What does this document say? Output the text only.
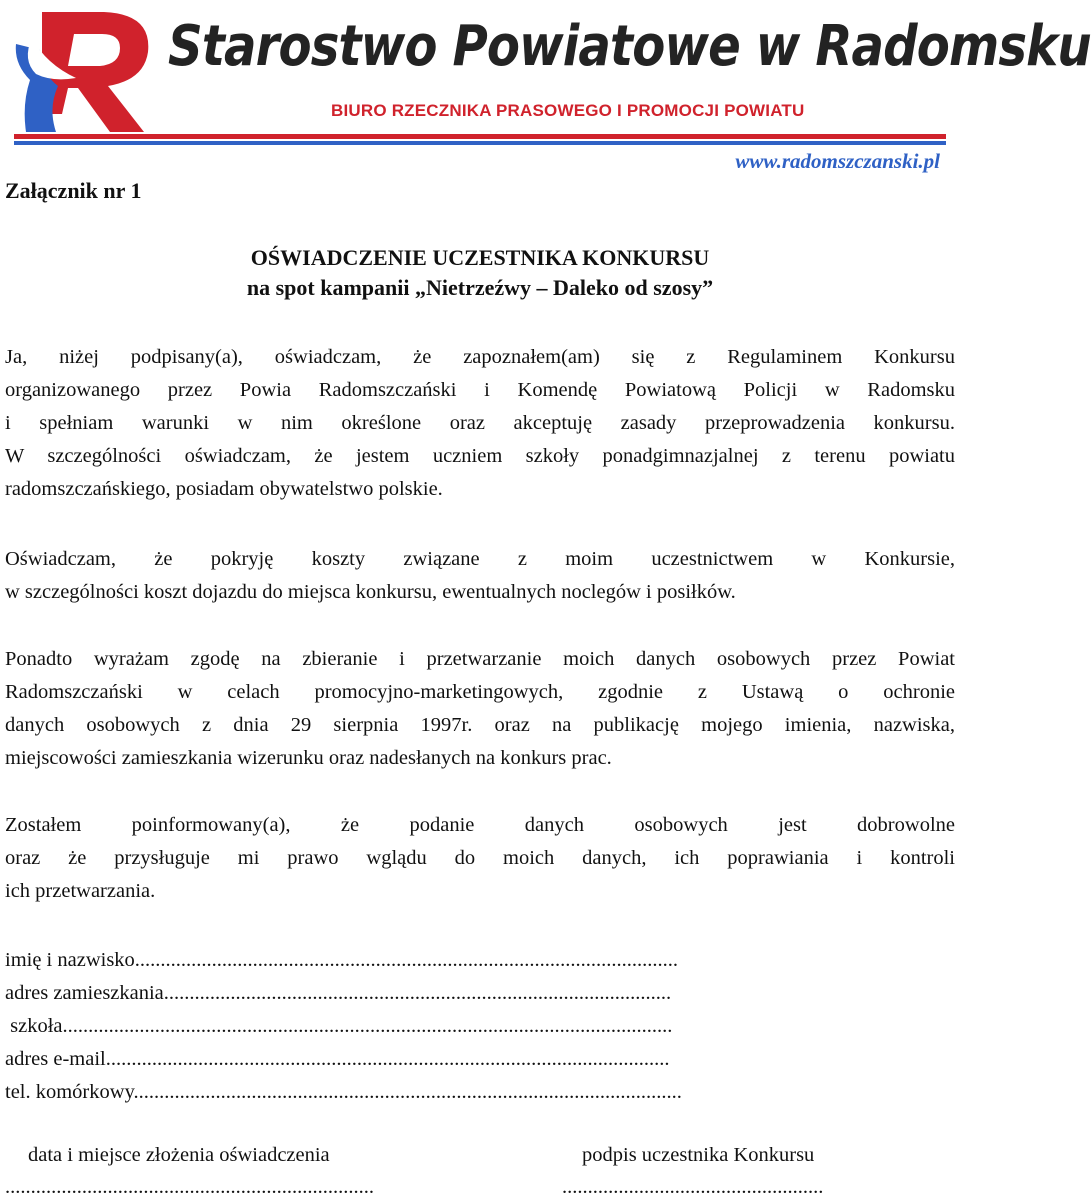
Starostwo Powiatowe w Radomsku
BIURO RZECZNIKA PRASOWEGO I PROMOCJI POWIATU
www.radomszczanski.pl
Załącznik nr 1
OŚWIADCZENIE UCZESTNIKA KONKURSU
na spot kampanii „Nietrzeźwy – Daleko od szosy”
Ja, niżej podpisany(a), oświadczam, że zapoznałem(am) się z Regulaminem Konkursu
organizowanego przez Powia Radomszczański i Komendę Powiatową Policji w Radomsku
i spełniam warunki w nim określone oraz akceptuję zasady przeprowadzenia konkursu.
W szczególności oświadczam, że jestem uczniem szkoły ponadgimnazjalnej z terenu powiatu
radomszczańskiego, posiadam obywatelstwo polskie.
Oświadczam, że pokryję koszty związane z moim uczestnictwem w Konkursie,
w szczególności koszt dojazdu do miejsca konkursu, ewentualnych noclegów i posiłków.
Ponadto wyrażam zgodę na zbieranie i przetwarzanie moich danych osobowych przez Powiat
Radomszczański w celach promocyjno-marketingowych, zgodnie z Ustawą o ochronie
danych osobowych z dnia 29 sierpnia 1997r. oraz na publikację mojego imienia, nazwiska,
miejscowości zamieszkania wizerunku oraz nadesłanych na konkurs prac.
Zostałem poinformowany(a), że podanie danych osobowych jest dobrowolne
oraz że przysługuje mi prawo wglądu do moich danych, ich poprawiania i kontroli
ich przetwarzania.
imię i nazwisko..........................................................................................................
adres zamieszkania...................................................................................................
szkoła.......................................................................................................................
adres e-mail..............................................................................................................
tel. komórkowy...........................................................................................................
data i miejsce złożenia oświadczenia	podpis uczestnika Konkursu
........................................................................	...................................................
